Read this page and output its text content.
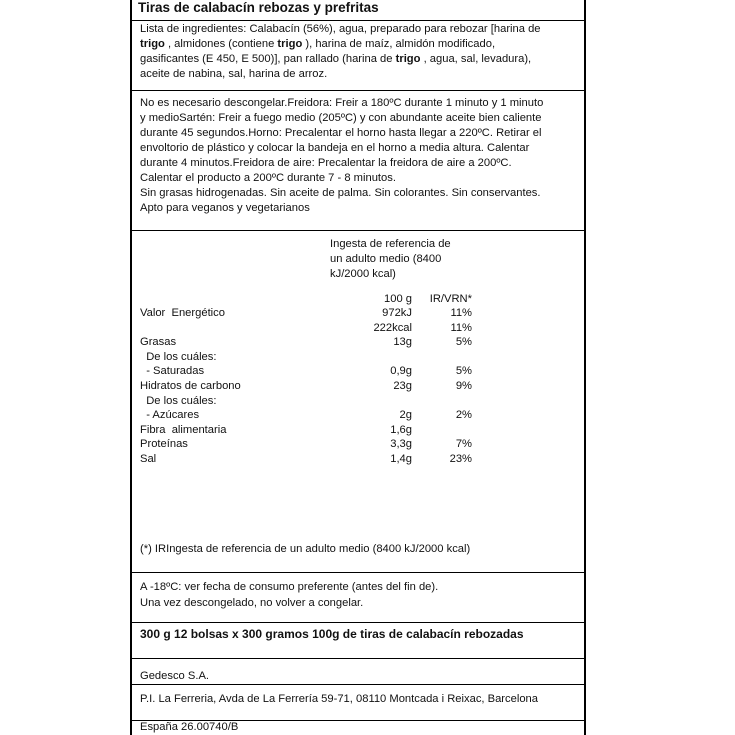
Tiras de calabacín rebozas y prefritas
Lista de ingredientes: Calabacín (56%), agua, preparado para rebozar [harina de
trigo , almidones (contiene trigo ), harina de maíz, almidón modificado,
gasificantes (E 450, E 500)], pan rallado (harina de trigo , agua, sal, levadura),
aceite de nabina, sal, harina de arroz.
No es necesario descongelar.Freidora: Freir a 180ºC durante 1 minuto y 1 minuto
y medioSartén: Freir a fuego medio (205ºC) y con abundante aceite bien caliente
durante 45 segundos.Horno: Precalentar el horno hasta llegar a 220ºC. Retirar el
envoltorio de plástico y colocar la bandeja en el horno a media altura. Calentar
durante 4 minutos.Freidora de aire: Precalentar la freidora de aire a 200ºC.
Calentar el producto a 200ºC durante 7 - 8 minutos.
Sin grasas hidrogenadas. Sin aceite de palma. Sin colorantes. Sin conservantes.
Apto para veganos y vegetarianos
Ingesta de referencia de
un adulto medio (8400
kJ/2000 kcal)
100 g	IR/VRN*
Valor  Energético	972kJ	11%
222kcal	11%
Grasas	13g	5%
De los cuáles:
- Saturadas	0,9g	5%
Hidratos de carbono	23g	9%
De los cuáles:
- Azúcares	2g	2%
Fibra  alimentaria	1,6g
Proteínas	3,3g	7%
Sal	1,4g	23%
(*) IRIngesta de referencia de un adulto medio (8400 kJ/2000 kcal)
A -18ºC: ver fecha de consumo preferente (antes del fin de).
Una vez descongelado, no volver a congelar.
300 g 12 bolsas x 300 gramos 100g de tiras de calabacín rebozadas
Gedesco S.A.
P.I. La Ferreria, Avda de La Ferrería 59-71, 08110 Montcada i Reixac, Barcelona
España 26.00740/B
